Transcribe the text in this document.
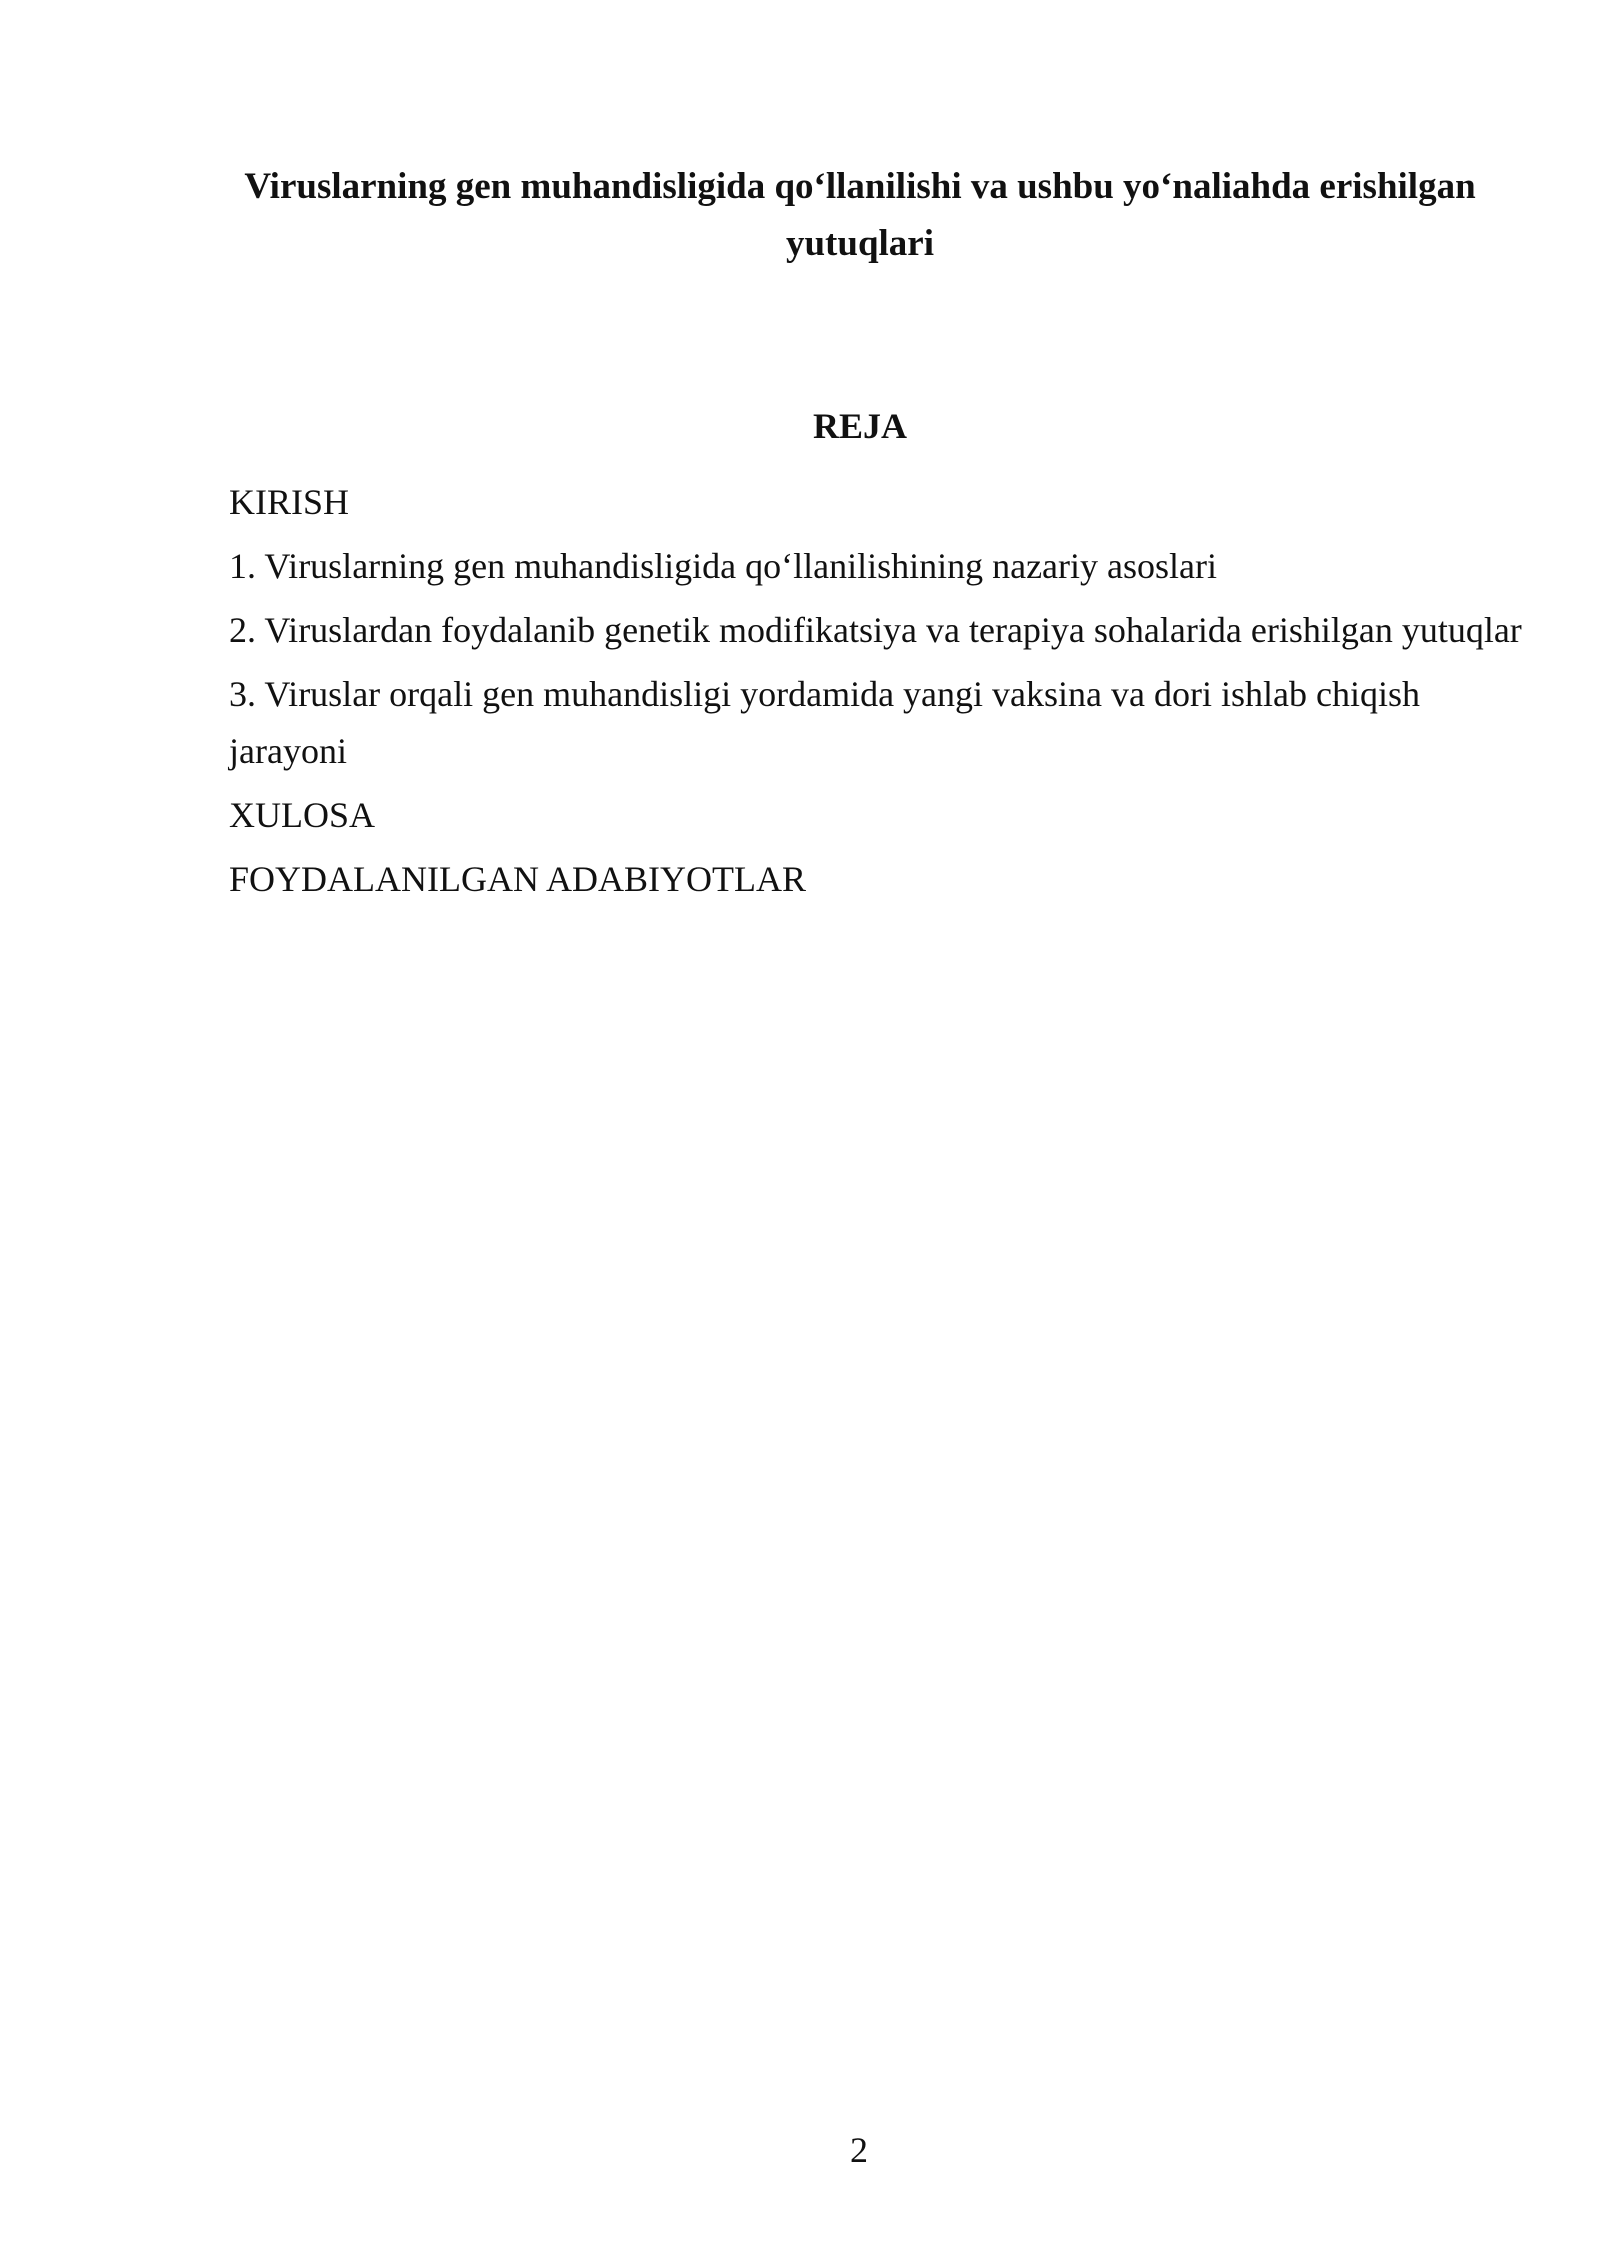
Viruslarning gen muhandisligida qo‘llanilishi va ushbu yo‘naliahda erishilgan yutuqlari
REJA
KIRISH
1. Viruslarning gen muhandisligida qo‘llanilishining nazariy asoslari
2. Viruslardan foydalanib genetik modifikatsiya va terapiya sohalarida erishilgan yutuqlar
3. Viruslar orqali gen muhandisligi yordamida yangi vaksina va dori ishlab chiqish jarayoni
XULOSA
FOYDALANILGAN ADABIYOTLAR
2
